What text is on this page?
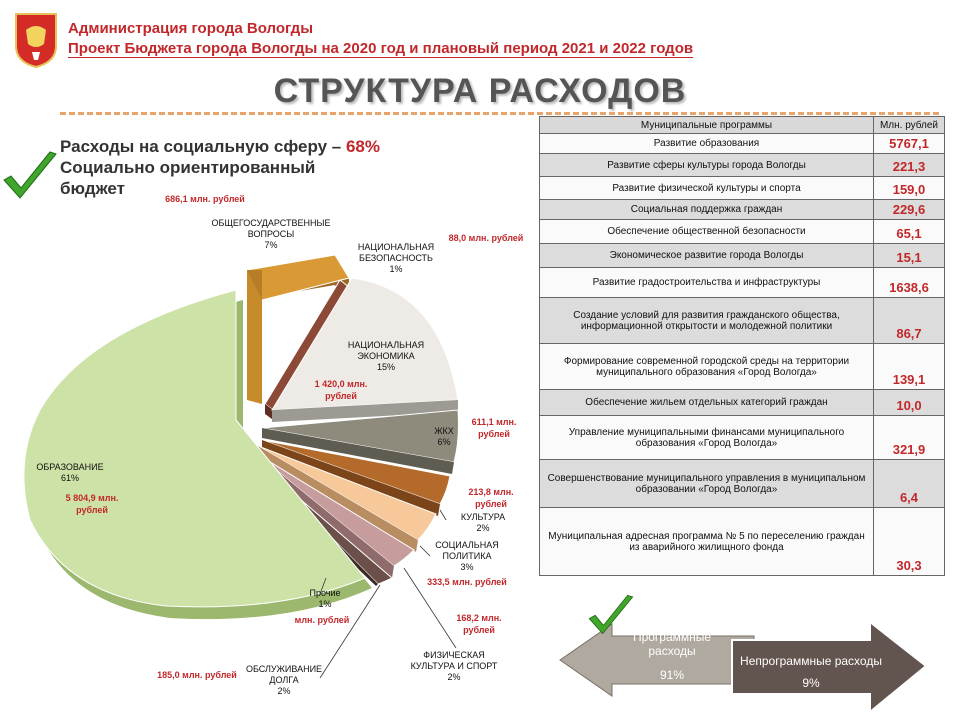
Администрация города Вологды
Проект Бюджета города Вологды на 2020 год и плановый период 2021 и 2022 годов
СТРУКТУРА РАСХОДОВ
Расходы на социальную сферу – 68%
Социально ориентированный
бюджет
ОБЩЕГОСУДАРСТВЕННЫЕ
ВОПРОСЫ
7%
686,1 млн. рублей
НАЦИОНАЛЬНАЯ
БЕЗОПАСНОСТЬ
1%
88,0 млн. рублей
НАЦИОНАЛЬНАЯ
ЭКОНОМИКА
15%
1 420,0 млн.
рублей
ЖКХ
6%
611,1 млн.
рублей
213,8 млн.
рублей
КУЛЬТУРА
2%
СОЦИАЛЬНАЯ
ПОЛИТИКА
3%
333,5 млн. рублей
168,2 млн.
рублей
ФИЗИЧЕСКАЯ
КУЛЬТУРА И СПОРТ
2%
Прочие
1%
млн. рублей
ОБСЛУЖИВАНИЕ
ДОЛГА
2%
185,0 млн. рублей
ОБРАЗОВАНИЕ
61%
5 804,9 млн.
рублей
Муниципальные программы	Млн. рублей
Развитие образования	5767,1
Развитие сферы культуры города Вологды	221,3
Развитие физической культуры и спорта	159,0
Социальная поддержка граждан	229,6
Обеспечение общественной безопасности	65,1
Экономическое развитие города Вологды	15,1
Развитие градостроительства и инфраструктуры	1638,6
Создание условий для развития гражданского общества, информационной открытости и молодежной политики	86,7
Формирование современной городской среды на территории муниципального образования «Город Вологда»	139,1
Обеспечение жильем отдельных категорий граждан	10,0
Управление муниципальными финансами муниципального образования «Город Вологда»	321,9
Совершенствование муниципального управления в муниципальном образовании «Город Вологда»	6,4
Муниципальная адресная программа № 5 по переселению граждан из аварийного жилищного фонда	30,3
Программные расходы
91%
Непрограммные расходы
9%
